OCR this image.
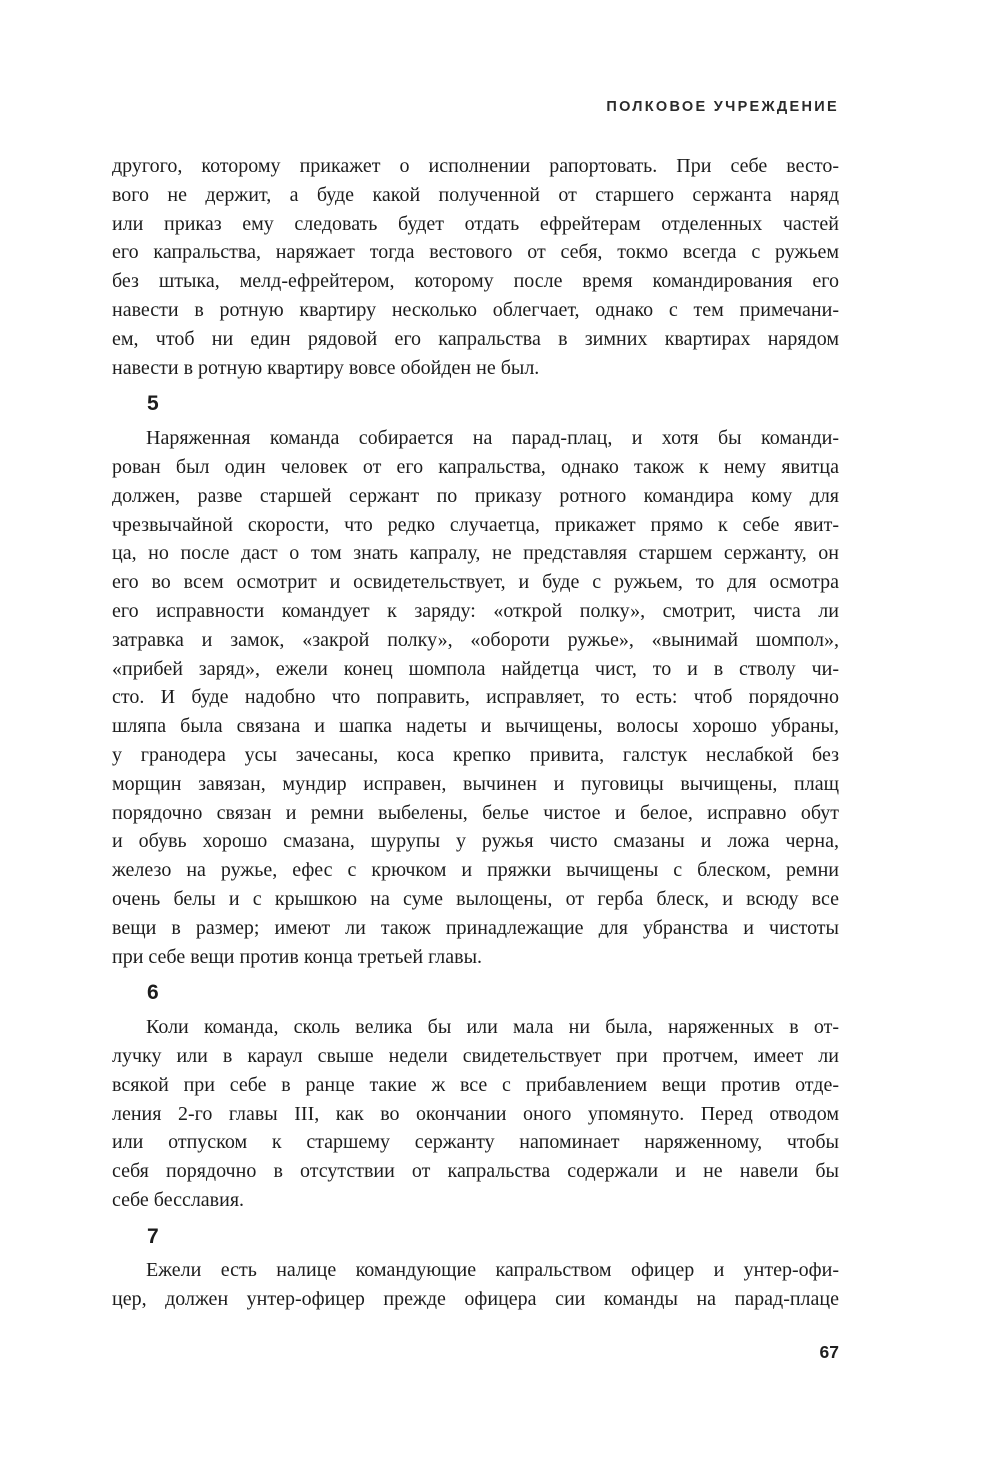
ПОЛКОВОЕ УЧРЕЖДЕНИЕ
другого, которому прикажет о исполнении рапортовать. При себе весто-
вого не держит, а буде какой полученной от старшего сержанта наряд
или приказ ему следовать будет отдать ефрейтерам отделенных частей
его капральства, наряжает тогда вестового от себя, токмо всегда с ружьем
без штыка, мелд-ефрейтером, которому после время командирования его
навести в ротную квартиру несколько облегчает, однако с тем примечани-
ем, чтоб ни един рядовой его капральства в зимних квартирах нарядом
навести в ротную квартиру вовсе обойден не был.
5
Наряженная команда собирается на парад-плац, и хотя бы команди-
рован был один человек от его капральства, однако також к нему явитца
должен, разве старшей сержант по приказу ротного командира кому для
чрезвычайной скорости, что редко случаетца, прикажет прямо к себе явит-
ца, но после даст о том знать капралу, не представляя старшем сержанту, он
его во всем осмотрит и освидетельствует, и буде с ружьем, то для осмотра
его исправности командует к заряду: «открой полку», смотрит, чиста ли
затравка и замок, «закрой полку», «обороти ружье», «вынимай шомпол»,
«прибей заряд», ежели конец шомпола найдетца чист, то и в стволу чи-
сто. И буде надобно что поправить, исправляет, то есть: чтоб порядочно
шляпа была связана и шапка надеты и вычищены, волосы хорошо убраны,
у гранодера усы зачесаны, коса крепко привита, галстук неслабкой без
морщин завязан, мундир исправен, вычинен и пуговицы вычищены, плащ
порядочно связан и ремни выбелены, белье чистое и белое, исправно обут
и обувь хорошо смазана, шурупы у ружья чисто смазаны и ложа черна,
железо на ружье, ефес с крючком и пряжки вычищены с блеском, ремни
очень белы и с крышкою на суме вылощены, от герба блеск, и всюду все
вещи в размер; имеют ли також принадлежащие для убранства и чистоты
при себе вещи против конца третьей главы.
6
Коли команда, сколь велика бы или мала ни была, наряженных в от-
лучку или в караул свыше недели свидетельствует при протчем, имеет ли
всякой при себе в ранце такие ж все с прибавлением вещи против отде-
ления 2-го главы III, как во окончании оного упомянуто. Перед отводом
или отпуском к старшему сержанту напоминает наряженному, чтобы
себя порядочно в отсутствии от капральства содержали и не навели бы
себе бесславия.
7
Ежели есть налице командующие капральством офицер и унтер-офи-
цер, должен унтер-офицер прежде офицера сии команды на парад-плаце
67
